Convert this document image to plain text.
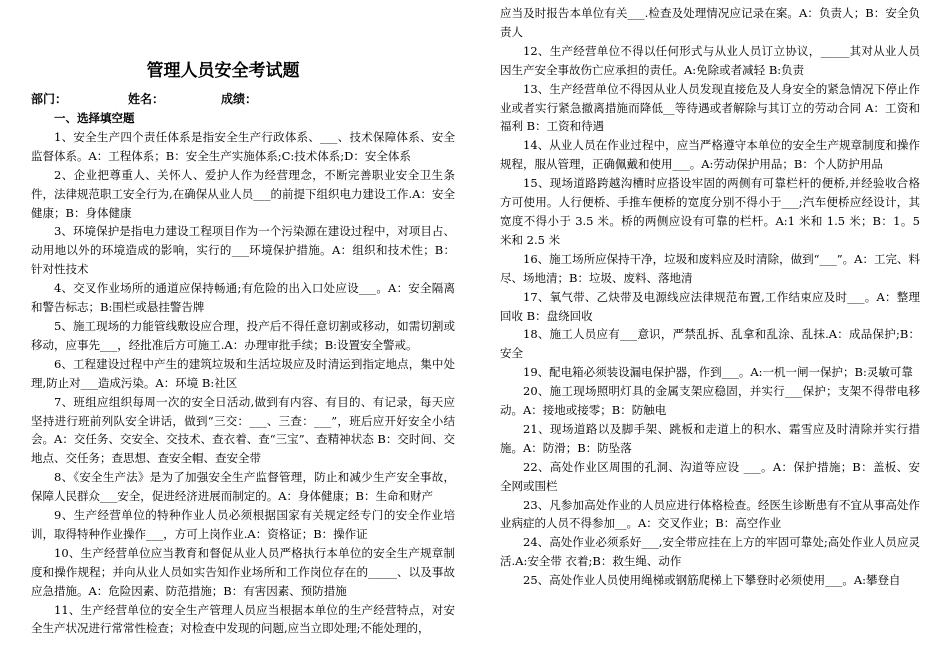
管理人员安全考试题
部门：	姓名：	成绩：
一、选择填空题

1、安全生产四个责任体系是指安全生产行政体系、___、技术保障体系、安全监督体系。A：工程体系；B：安全生产实施体系;C:技术体系;D：安全体系

2、企业把尊重人、关怀人、爱护人作为经营理念，不断完善职业安全卫生条件，法律规范职工安全行为,在确保从业人员___的前提下组织电力建设工作.A：安全健康；B：身体健康

3、环境保护是指电力建设工程项目作为一个污染源在建设过程中，对项目占、动用地以外的环境造成的影响，实行的___环境保护措施。A：组织和技术性；B：针对性技术

4、交叉作业场所的通道应保持畅通;有危险的出入口处应设___。A：安全隔离和警告标志；B:围栏或悬挂警告牌

5、施工现场的力能管线敷设应合理，投产后不得任意切割或移动，如需切割或移动，应事先___，经批准后方可施工.A：办理审批手续；B:设置安全警戒。

6、工程建设过程中产生的建筑垃圾和生活垃圾应及时清运到指定地点，集中处理,防止对___造成污染。A：环境 B:社区

7、班组应组织每周一次的安全日活动,做到有内容、有目的、有记录，每天应坚持进行班前列队安全讲话，做到“三交：___、三查：___”，班后应开好安全小结会。A：交任务、交安全、交技术、查衣着、查“三宝”、查精神状态 B：交时间、交地点、交任务；查思想、查安全帽、查安全带

8、《安全生产法》是为了加强安全生产监督管理，防止和减少生产安全事故，保障人民群众___安全，促进经济进展而制定的。A：身体健康；B：生命和财产

9、生产经营单位的特种作业人员必须根据国家有关规定经专门的安全作业培训，取得特种作业操作___，方可上岗作业.A：资格证；B：操作证

10、生产经营单位应当教育和督促从业人员严格执行本单位的安全生产规章制度和操作规程；并向从业人员如实告知作业场所和工作岗位存在的_____、以及事故应急措施。A：危险因素、防范措施；B：有害因素、预防措施

11、生产经营单位的安全生产管理人员应当根据本单位的生产经营特点，对安全生产状况进行常常性检查；对检查中发现的问题,应当立即处理;不能处理的，

应当及时报告本单位有关___.检查及处理情况应记录在案。A：负责人；B：安全负责人

12、生产经营单位不得以任何形式与从业人员订立协议，_____其对从业人员因生产安全事故伤亡应承担的责任。A:免除或者减轻 B:负责

13、生产经营单位不得因从业人员发现直接危及人身安全的紧急情况下停止作业或者实行紧急撤离措施而降低__等待遇或者解除与其订立的劳动合同 A：工资和福利 B：工资和待遇

14、从业人员在作业过程中，应当严格遵守本单位的安全生产规章制度和操作规程，服从管理，正确佩戴和使用___。A:劳动保护用品；B：个人防护用品

15、现场道路跨越沟槽时应搭设牢固的两侧有可靠栏杆的便桥,并经验收合格方可使用。人行便桥、手推车便桥的宽度分别不得小于___;汽车便桥应经设计，其宽度不得小于 3.5 米。桥的两侧应设有可靠的栏杆。A:1 米和 1.5 米；B：1。5 米和 2.5 米

16、施工场所应保持干净，垃圾和废料应及时清除，做到“___”。A：工完、料尽、场地清；B：垃圾、废料、落地清

17、氧气带、乙炔带及电源线应法律规范布置,工作结束应及时___。A：整理回收 B：盘绕回收

18、施工人员应有___意识，严禁乱拆、乱拿和乱涂、乱抹.A：成品保护;B：安全

19、配电箱必须装设漏电保护器，作到___。A:一机一闸一保护；B:灵敏可靠

20、施工现场照明灯具的金属支架应稳固，并实行___保护；支架不得带电移动。A：接地或接零；B：防触电

21、现场道路以及脚手架、跳板和走道上的积水、霜雪应及时清除并实行措施。A：防滑；B：防坠落

22、高处作业区周围的孔洞、沟道等应设 ___。A：保护措施；B：盖板、安全网或围栏

23、凡参加高处作业的人员应进行体格检查。经医生诊断患有不宜从事高处作业病症的人员不得参加__。A：交叉作业；B：高空作业

24、高处作业必须系好___,安全带应挂在上方的牢固可靠处;高处作业人员应灵活.A:安全带 衣着;B：救生绳、动作

25、高处作业人员使用绳梯或钢筋爬梯上下攀登时必须使用___。A:攀登自
